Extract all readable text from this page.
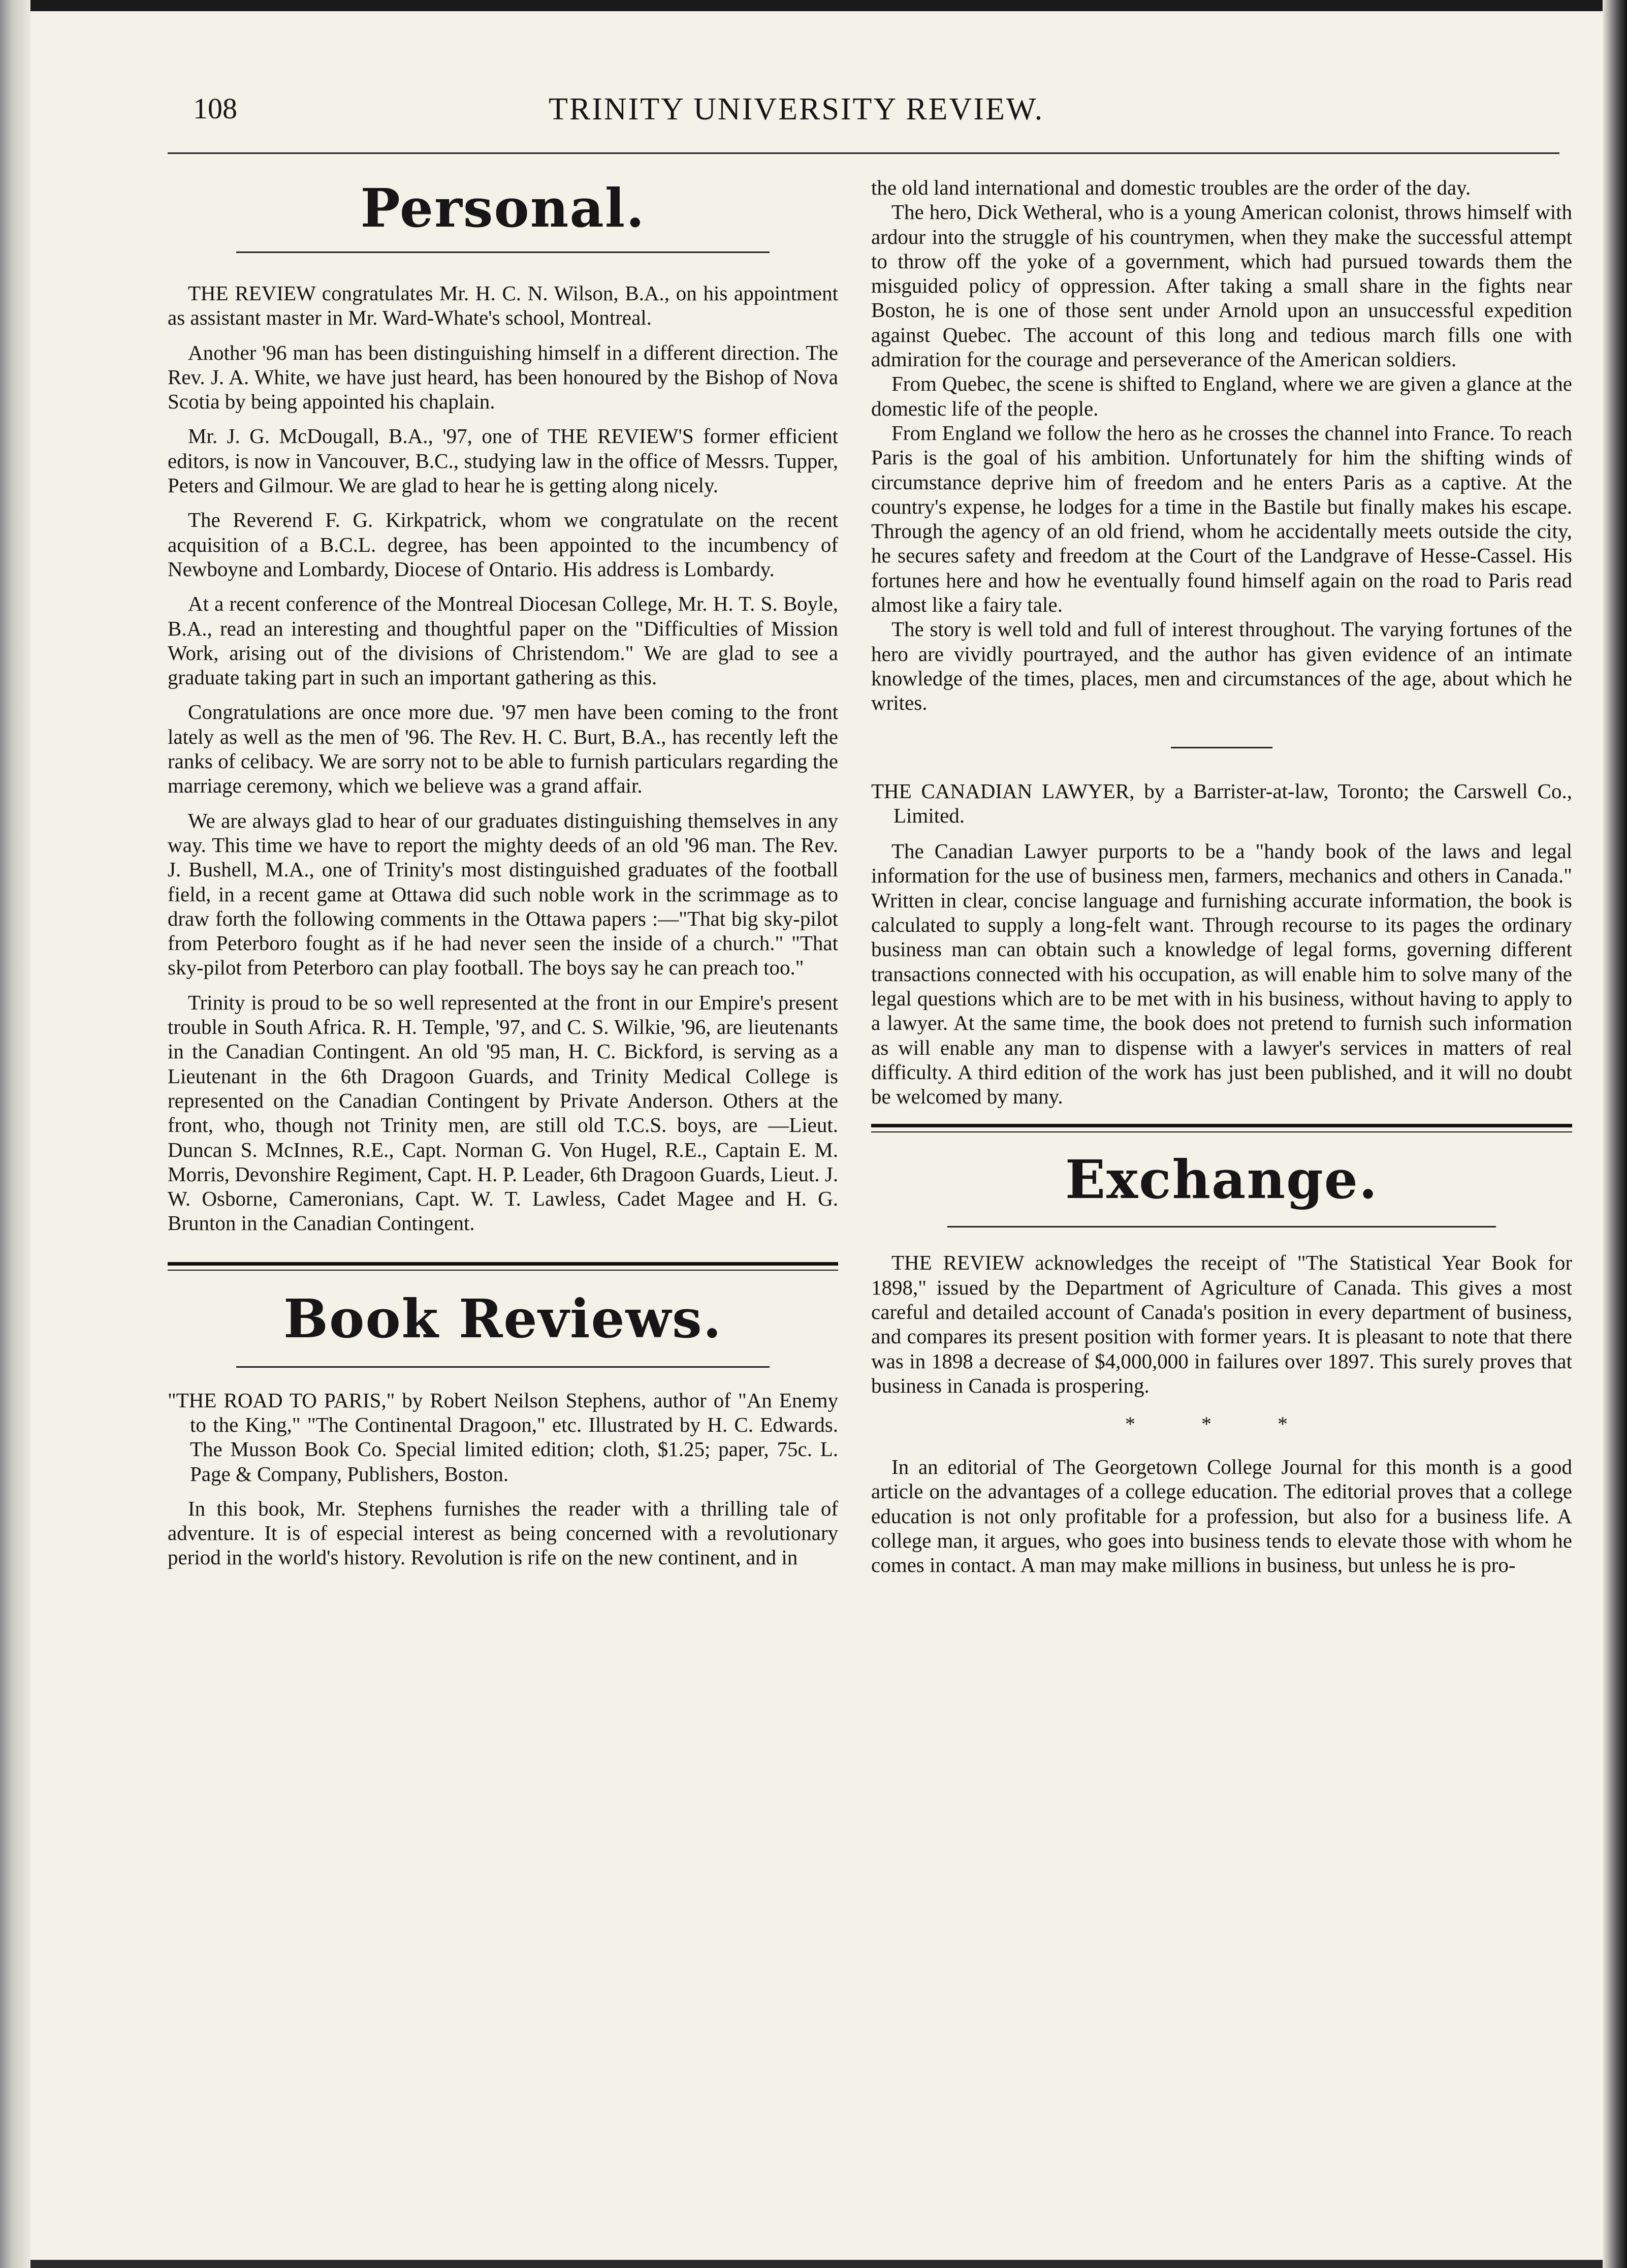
108	TRINITY UNIVERSITY REVIEW.
Personal.

THE REVIEW congratulates Mr. H. C. N. Wilson, B.A., on his appointment as assistant master in Mr. Ward-Whate's school, Montreal.

Another '96 man has been distinguishing himself in a different direction. The Rev. J. A. White, we have just heard, has been honoured by the Bishop of Nova Scotia by being appointed his chaplain.

Mr. J. G. McDougall, B.A., '97, one of THE REVIEW'S former efficient editors, is now in Vancouver, B.C., studying law in the office of Messrs. Tupper, Peters and Gilmour. We are glad to hear he is getting along nicely.

The Reverend F. G. Kirkpatrick, whom we congratulate on the recent acquisition of a B.C.L. degree, has been appointed to the incumbency of Newboyne and Lombardy, Diocese of Ontario. His address is Lombardy.

At a recent conference of the Montreal Diocesan College, Mr. H. T. S. Boyle, B.A., read an interesting and thoughtful paper on the "Difficulties of Mission Work, arising out of the divisions of Christendom." We are glad to see a graduate taking part in such an important gathering as this.

Congratulations are once more due. '97 men have been coming to the front lately as well as the men of '96. The Rev. H. C. Burt, B.A., has recently left the ranks of celibacy. We are sorry not to be able to furnish particulars regarding the marriage ceremony, which we believe was a grand affair.

We are always glad to hear of our graduates distinguishing themselves in any way. This time we have to report the mighty deeds of an old '96 man. The Rev. J. Bushell, M.A., one of Trinity's most distinguished graduates of the football field, in a recent game at Ottawa did such noble work in the scrimmage as to draw forth the following comments in the Ottawa papers :—"That big sky-pilot from Peterboro fought as if he had never seen the inside of a church." "That sky-pilot from Peterboro can play football. The boys say he can preach too."

Trinity is proud to be so well represented at the front in our Empire's present trouble in South Africa. R. H. Temple, '97, and C. S. Wilkie, '96, are lieutenants in the Canadian Contingent. An old '95 man, H. C. Bickford, is serving as a Lieutenant in the 6th Dragoon Guards, and Trinity Medical College is represented on the Canadian Contingent by Private Anderson. Others at the front, who, though not Trinity men, are still old T.C.S. boys, are —Lieut. Duncan S. McInnes, R.E., Capt. Norman G. Von Hugel, R.E., Captain E. M. Morris, Devonshire Regiment, Capt. H. P. Leader, 6th Dragoon Guards, Lieut. J. W. Osborne, Cameronians, Capt. W. T. Lawless, Cadet Magee and H. G. Brunton in the Canadian Contingent.

Book Reviews.

"THE ROAD TO PARIS," by Robert Neilson Stephens, author of "An Enemy to the King," "The Continental Dragoon," etc. Illustrated by H. C. Edwards. The Musson Book Co. Special limited edition; cloth, $1.25; paper, 75c. L. Page & Company, Publishers, Boston.

In this book, Mr. Stephens furnishes the reader with a thrilling tale of adventure. It is of especial interest as being concerned with a revolutionary period in the world's history. Revolution is rife on the new continent, and in

the old land international and domestic troubles are the order of the day.

The hero, Dick Wetheral, who is a young American colonist, throws himself with ardour into the struggle of his countrymen, when they make the successful attempt to throw off the yoke of a government, which had pursued towards them the misguided policy of oppression. After taking a small share in the fights near Boston, he is one of those sent under Arnold upon an unsuccessful expedition against Quebec. The account of this long and tedious march fills one with admiration for the courage and perseverance of the American soldiers.

From Quebec, the scene is shifted to England, where we are given a glance at the domestic life of the people.

From England we follow the hero as he crosses the channel into France. To reach Paris is the goal of his ambition. Unfortunately for him the shifting winds of circumstance deprive him of freedom and he enters Paris as a captive. At the country's expense, he lodges for a time in the Bastile but finally makes his escape. Through the agency of an old friend, whom he accidentally meets outside the city, he secures safety and freedom at the Court of the Landgrave of Hesse-Cassel. His fortunes here and how he eventually found himself again on the road to Paris read almost like a fairy tale.

The story is well told and full of interest throughout. The varying fortunes of the hero are vividly pourtrayed, and the author has given evidence of an intimate knowledge of the times, places, men and circumstances of the age, about which he writes.

THE CANADIAN LAWYER, by a Barrister-at-law, Toronto; the Carswell Co., Limited.

The Canadian Lawyer purports to be a "handy book of the laws and legal information for the use of business men, farmers, mechanics and others in Canada." Written in clear, concise language and furnishing accurate information, the book is calculated to supply a long-felt want. Through recourse to its pages the ordinary business man can obtain such a knowledge of legal forms, governing different transactions connected with his occupation, as will enable him to solve many of the legal questions which are to be met with in his business, without having to apply to a lawyer. At the same time, the book does not pretend to furnish such information as will enable any man to dispense with a lawyer's services in matters of real difficulty. A third edition of the work has just been published, and it will no doubt be welcomed by many.

Exchange.

THE REVIEW acknowledges the receipt of "The Statistical Year Book for 1898," issued by the Department of Agriculture of Canada. This gives a most careful and detailed account of Canada's position in every department of business, and compares its present position with former years. It is pleasant to note that there was in 1898 a decrease of $4,000,000 in failures over 1897. This surely proves that business in Canada is prospering.

* * *

In an editorial of The Georgetown College Journal for this month is a good article on the advantages of a college education. The editorial proves that a college education is not only profitable for a profession, but also for a business life. A college man, it argues, who goes into business tends to elevate those with whom he comes in contact. A man may make millions in business, but unless he is pro-
